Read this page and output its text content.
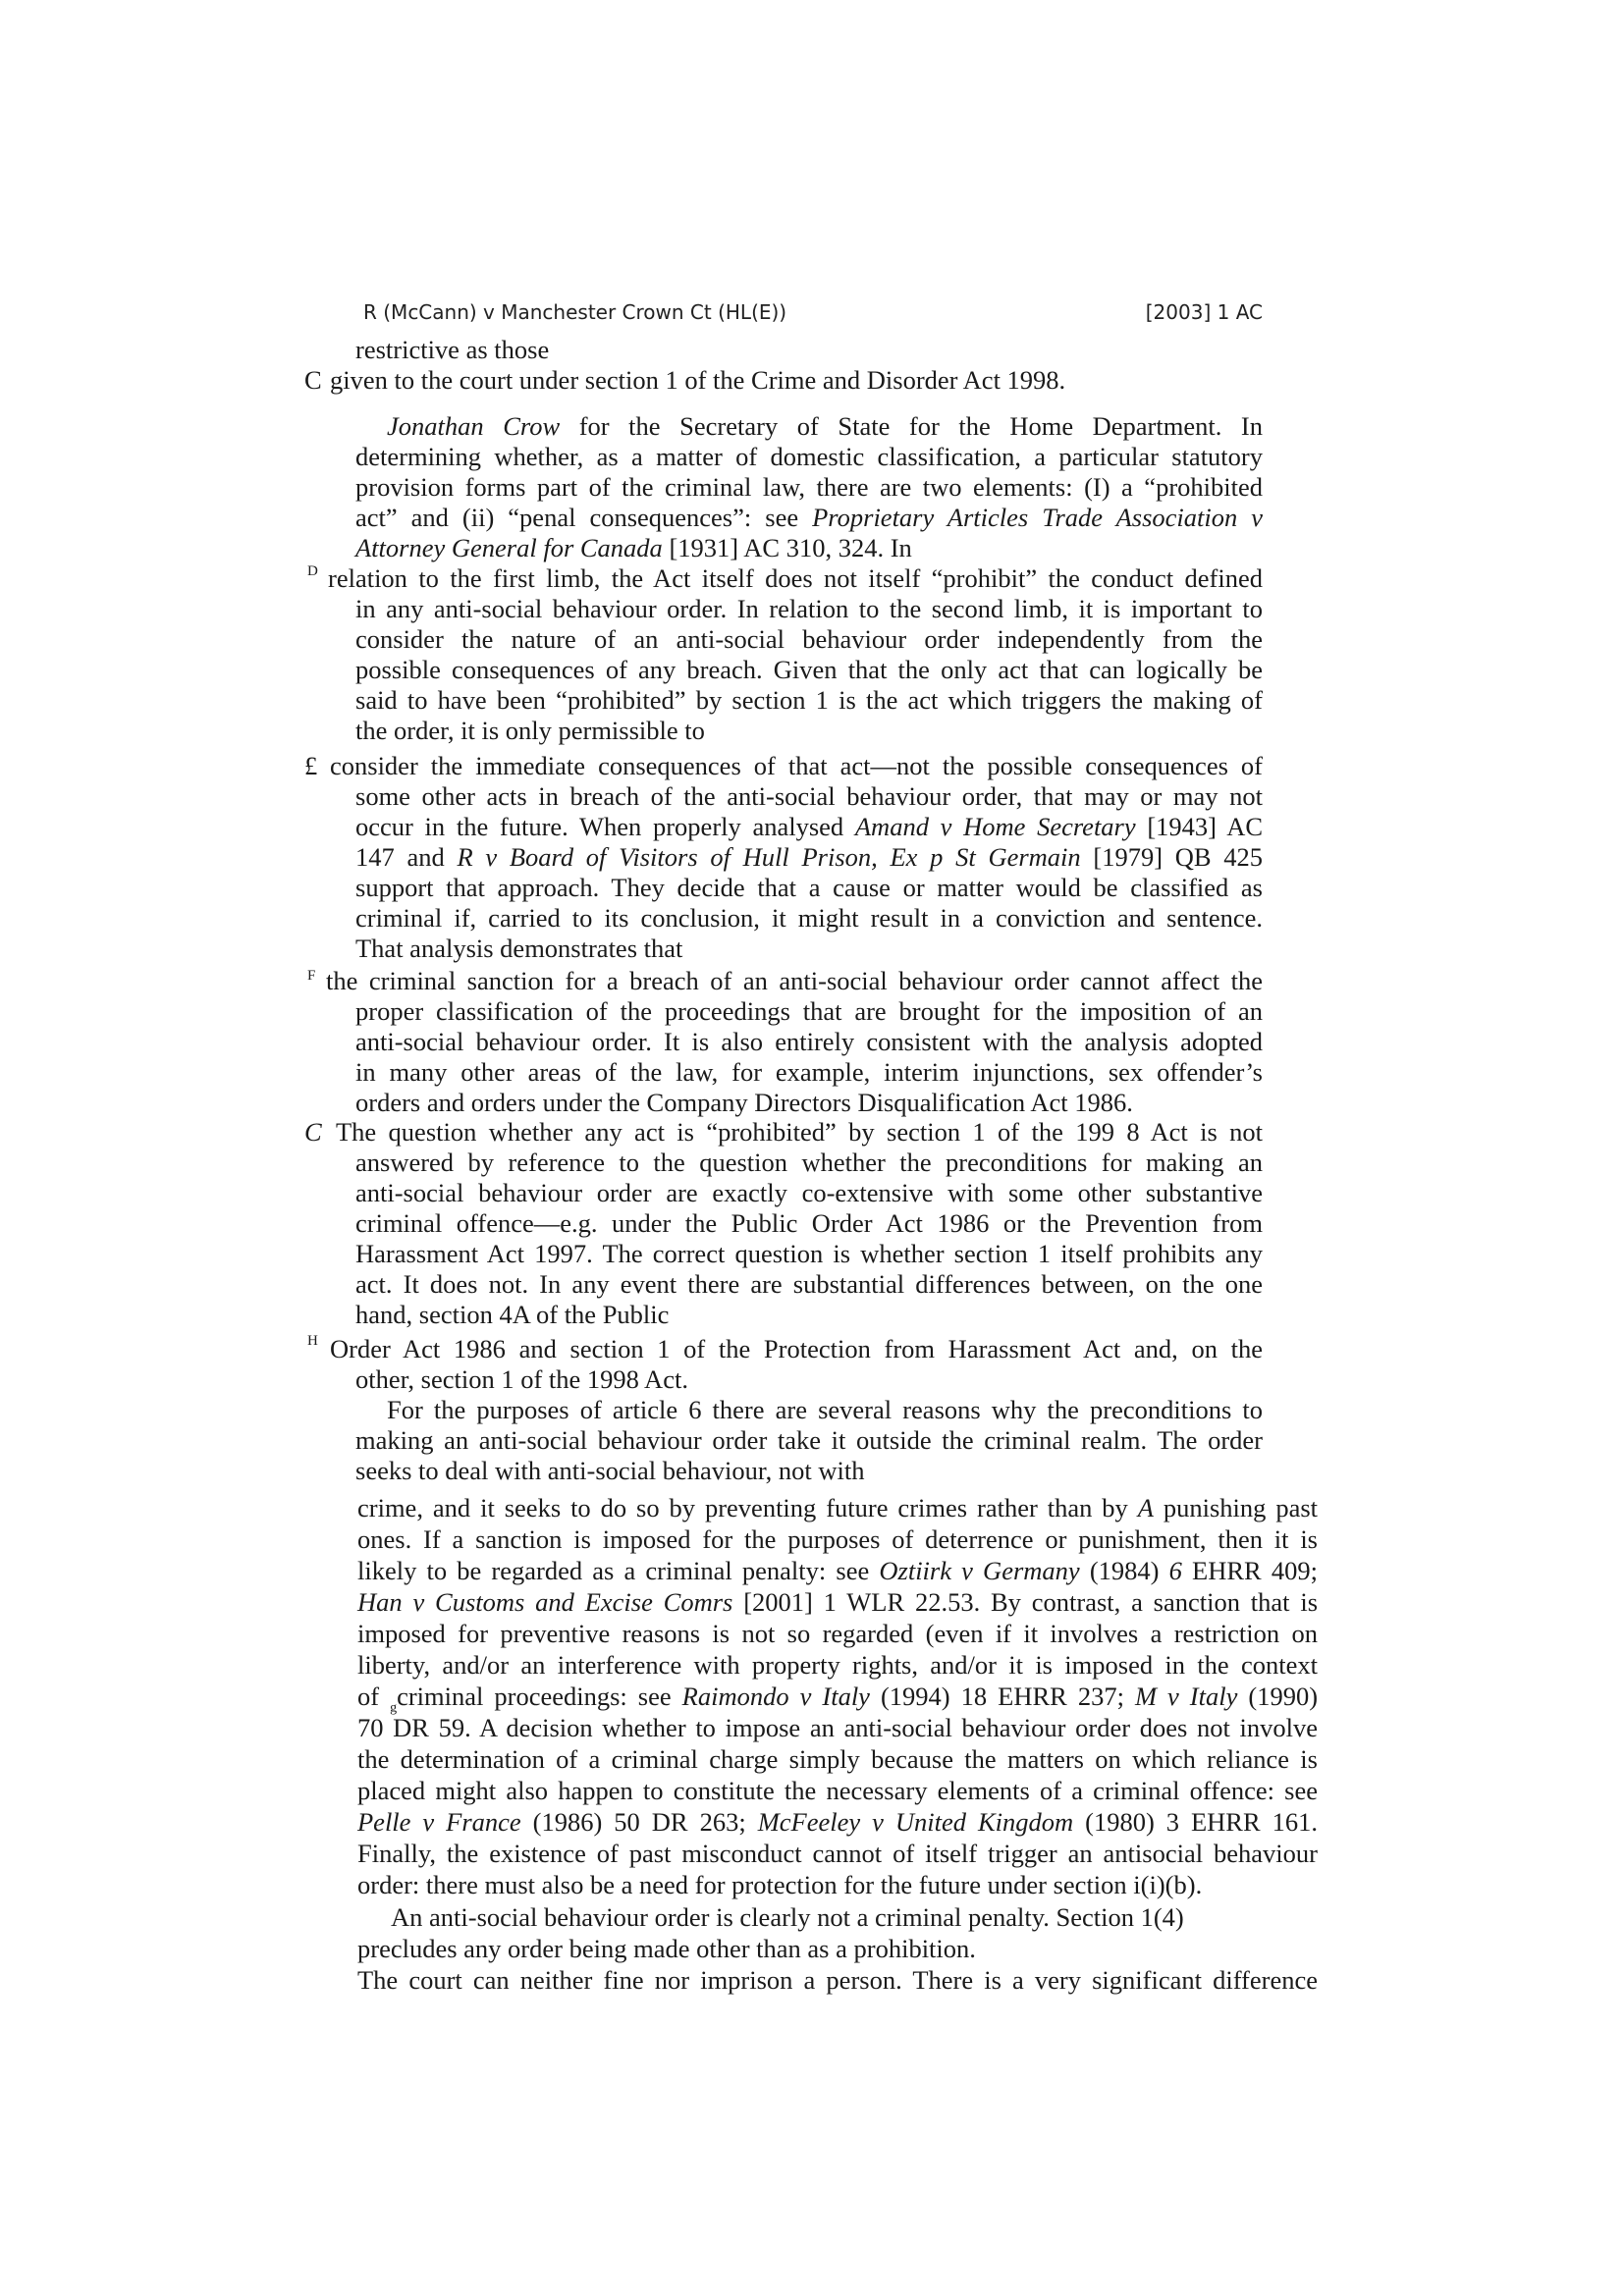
R (McCann) v Manchester Crown Ct (HL(E))	[2003] 1 AC
C
D
£
F
C
H
restrictive as those
given to the court under section 1 of the Crime and Disorder Act 1998.
Jonathan Crow for the Secretary of State for the Home Department. In
determining whether, as a matter of domestic classification, a particular statutory
provision forms part of the criminal law, there are two elements: (I) a “prohibited
act” and (ii) “penal consequences”: see Proprietary Articles Trade Association v
Attorney General for Canada [1931] AC 310, 324. In
relation to the first limb, the Act itself does not itself “prohibit” the conduct defined
in any anti-social behaviour order. In relation to the second limb, it is important to
consider the nature of an anti-social behaviour order independently from the
possible consequences of any breach. Given that the only act that can logically be
said to have been “prohibited” by section 1 is the act which triggers the making of
the order, it is only permissible to
consider the immediate consequences of that act—not the possible consequences of
some other acts in breach of the anti-social behaviour order, that may or may not
occur in the future. When properly analysed Amand v Home Secretary [1943] AC
147 and R v Board of Visitors of Hull Prison, Ex p St Germain [1979] QB 425
support that approach. They decide that a cause or matter would be classified as
criminal if, carried to its conclusion, it might result in a conviction and sentence.
That analysis demonstrates that
the criminal sanction for a breach of an anti-social behaviour order cannot affect the
proper classification of the proceedings that are brought for the imposition of an
anti-social behaviour order. It is also entirely consistent with the analysis adopted
in many other areas of the law, for example, interim injunctions, sex offender’s
orders and orders under the Company Directors Disqualification Act 1986.
The question whether any act is “prohibited” by section 1 of the 199 8 Act is not
answered by reference to the question whether the preconditions for making an
anti-social behaviour order are exactly co-extensive with some other substantive
criminal offence—e.g. under the Public Order Act 1986 or the Prevention from
Harassment Act 1997. The correct question is whether section 1 itself prohibits any
act. It does not. In any event there are substantial differences between, on the one
hand, section 4A of the Public
Order Act 1986 and section 1 of the Protection from Harassment Act and, on the
other, section 1 of the 1998 Act.
For the purposes of article 6 there are several reasons why the preconditions to
making an anti-social behaviour order take it outside the criminal realm. The order
seeks to deal with anti-social behaviour, not with
crime, and it seeks to do so by preventing future crimes rather than by A punishing past
ones. If a sanction is imposed for the purposes of deterrence or punishment, then it is
likely to be regarded as a criminal penalty: see Oztiirk v Germany (1984) 6 EHRR 409;
Han v Customs and Excise Comrs [2001] 1 WLR 22.53. By contrast, a sanction that is
imposed for preventive reasons is not so regarded (even if it involves a restriction on
liberty, and/or an interference with property rights, and/or it is imposed in the context
of $_g$criminal proceedings: see Raimondo v Italy (1994) 18 EHRR 237; M v Italy (1990)
70 DR 59. A decision whether to impose an anti-social behaviour order does not involve
the determination of a criminal charge simply because the matters on which reliance is
placed might also happen to constitute the necessary elements of a criminal offence: see
Pelle v France (1986) 50 DR 263; McFeeley v United Kingdom (1980) 3 EHRR 161.
Finally, the existence of past misconduct cannot of itself trigger an antisocial behaviour
order: there must also be a need for protection for the future under section i(i)(b).
An anti-social behaviour order is clearly not a criminal penalty. Section 1(4)
precludes any order being made other than as a prohibition.
The court can neither fine nor imprison a person. There is a very significant difference
